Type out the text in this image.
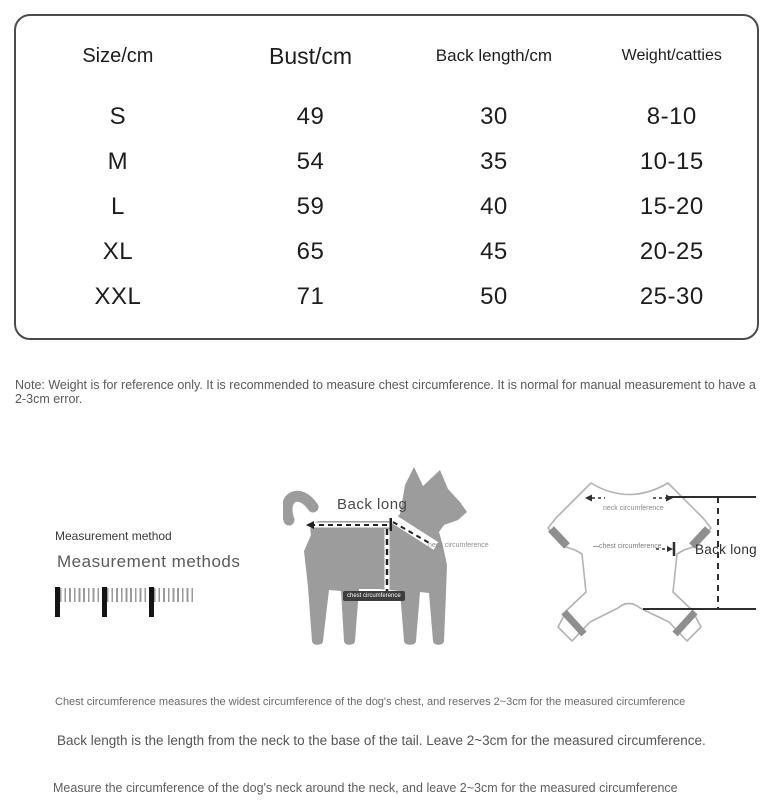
Size/cm	Bust/cm	Back length/cm	Weight/catties
S	49	30	8-10
M	54	35	10-15
L	59	40	15-20
XL	65	45	20-25
XXL	71	50	25-30
Note: Weight is for reference only. It is recommended to measure chest circumference. It is normal for manual measurement to have a 2-3cm error.
Measurement method
Measurement methods
Back long
neck circumference
chest circumference
neck circumference
chest circumference Back long
Chest circumference measures the widest circumference of the dog's chest, and reserves 2~3cm for the measured circumference
Back length is the length from the neck to the base of the tail. Leave 2~3cm for the measured circumference.
Measure the circumference of the dog's neck around the neck, and leave 2~3cm for the measured circumference
